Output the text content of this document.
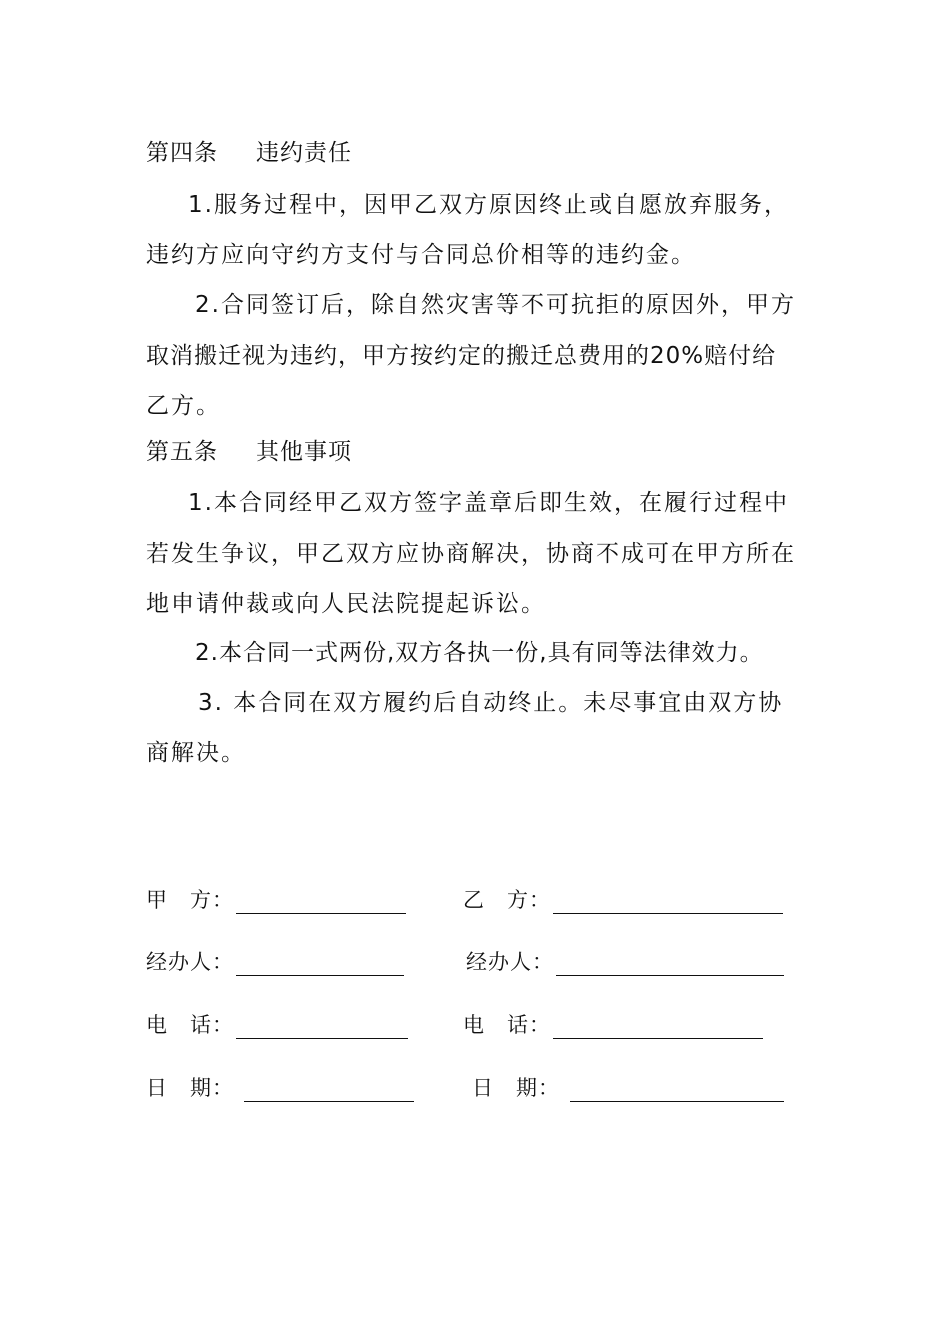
第四条 违约责任
1.服务过程中，因甲乙双方原因终止或自愿放弃服务，
违约方应向守约方支付与合同总价相等的违约金。
2.合同签订后，除自然灾害等不可抗拒的原因外，甲方
取消搬迁视为违约，甲方按约定的搬迁总费用的20%赔付给
乙方。
第五条 其他事项
1.本合同经甲乙双方签字盖章后即生效，在履行过程中
若发生争议，甲乙双方应协商解决，协商不成可在甲方所在
地申请仲裁或向人民法院提起诉讼。
2.本合同一式两份,双方各执一份,具有同等法律效力。
3. 本合同在双方履约后自动终止。未尽事宜由双方协
商解决。
甲　方：	乙　方：
经办人：	经办人：
电　话：	电　话：
日　期：	日　期：
